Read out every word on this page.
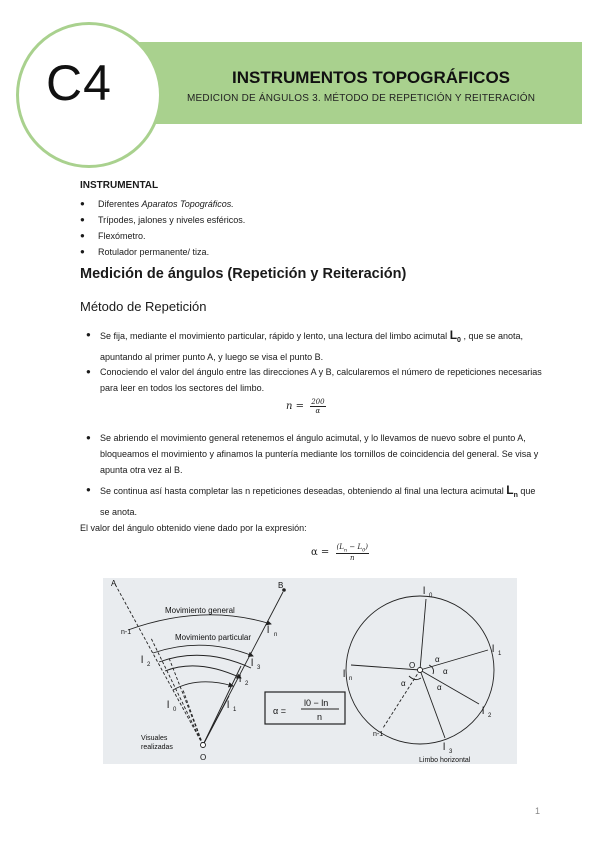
C4	INSTRUMENTOS TOPOGRÁFICOS
MEDICION DE ÁNGULOS 3. MÉTODO DE REPETICIÓN Y REITERACIÓN
INSTRUMENTAL
● Diferentes Aparatos Topográficos.
● Trípodes, jalones y niveles esféricos.
● Flexómetro.
● Rotulador permanente/ tiza.
Medición de ángulos (Repetición y Reiteración)
Método de Repetición
●	Se fija, mediante el movimiento particular, rápido y lento, una lectura del limbo acimutal $L_0$ , que se anota, apuntando al primer punto A, y luego se visa el punto B.
●	Conociendo el valor del ángulo entre las direcciones A y B, calcularemos el número de repeticiones necesarias para leer en todos los sectores del limbo.
$n = \frac{200}{\alpha}$
●	Se abriendo el movimiento general retenemos el ángulo acimutal, y lo llevamos de nuevo sobre el punto A, bloqueamos el movimiento y afinamos la puntería mediante los tornillos de coincidencia del general. Se visa y apunta otra vez al B.
●	Se continua así hasta completar las n repeticiones deseadas, obteniendo al final una lectura acimutal $L_n$ que se anota.
El valor del ángulo obtenido viene dado por la expresión:
$\alpha = \frac{(L_n - L_0)}{n}$
A	B
Movimiento general
Movimiento particular
Visuales
realizadas
O
α =
l0 − ln
n
n-1	l n
l 2	l 3
l 2
l 0	l 1
l 0
l 1
l 2
l 3
l n
n-1
O
α
α
α
α
Limbo horizontal
1
